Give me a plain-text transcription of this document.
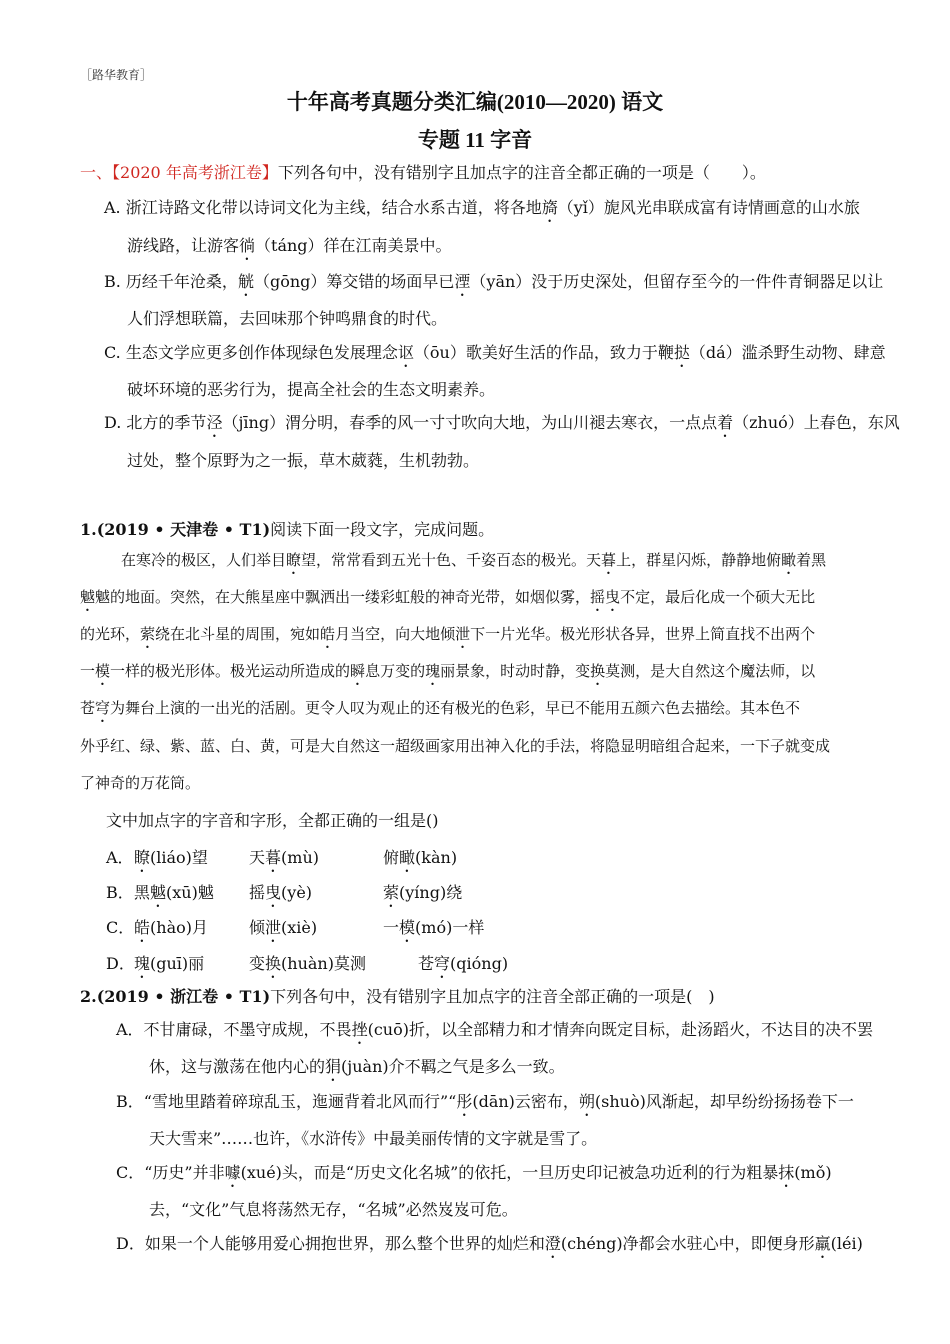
［路华教育］
十年高考真题分类汇编(2010—2020) 语文
专题 11 字音
一、【2020 年高考浙江卷】下列各句中，没有错别字且加点字的注音全都正确的一项是（　　）。
A. 浙江诗路文化带以诗词文化为主线，结合水系古道，将各地旖（yǐ）旎风光串联成富有诗情画意的山水旅
游线路，让游客徜（táng）徉在江南美景中。
B. 历经千年沧桑，觥（gōng）筹交错的场面早已湮（yān）没于历史深处，但留存至今的一件件青铜器足以让
人们浮想联篇，去回味那个钟鸣鼎食的时代。
C. 生态文学应更多创作体现绿色发展理念讴（ōu）歌美好生活的作品，致力于鞭挞（dá）滥杀野生动物、肆意
破坏环境的恶劣行为，提高全社会的生态文明素养。
D. 北方的季节泾（jīng）渭分明，春季的风一寸寸吹向大地，为山川褪去寒衣，一点点着（zhuó）上春色，东风
过处，整个原野为之一振，草木葳蕤，生机勃勃。
1.(2019 • 天津卷 • T1)阅读下面一段文字，完成问题。
　在寒冷的极区，人们举目瞭望，常常看到五光十色、千姿百态的极光。天暮上，群星闪烁，静静地俯瞰着黑
魆魆的地面。突然，在大熊星座中飘洒出一缕彩虹般的神奇光带，如烟似雾，摇曳不定，最后化成一个硕大无比
的光环，萦绕在北斗星的周围，宛如皓月当空，向大地倾泄下一片光华。极光形状各异，世界上简直找不出两个
一模一样的极光形体。极光运动所造成的瞬息万变的瑰丽景象，时动时静，变换莫测，是大自然这个魔法师，以
苍穹为舞台上演的一出光的活剧。更令人叹为观止的还有极光的色彩，早已不能用五颜六色去描绘。其本色不
外乎红、绿、紫、蓝、白、黄，可是大自然这一超级画家用出神入化的手法，将隐显明暗组合起来，一下子就变成
了神奇的万花筒。
文中加点字的字音和字形，全都正确的一组是()
A． 瞭(liáo)望	天暮(mù)	俯瞰(kàn)
B． 黑魆(xū)魆 摇曳(yè)	萦(yíng)绕
C． 皓(hào)月	倾泄(xiè)	一模(mó)一样
D． 瑰(guī)丽	变换(huàn)莫测	苍穹(qióng)
2.(2019 • 浙江卷 • T1)下列各句中，没有错别字且加点字的注音全部正确的一项是(　)
A．不甘庸碌，不墨守成规，不畏挫(cuō)折，以全部精力和才情奔向既定目标，赴汤蹈火，不达目的决不罢
休，这与激荡在他内心的狷(juàn)介不羁之气是多么一致。
B．“雪地里踏着碎琼乱玉，迤逦背着北风而行”“彤(dān)云密布，朔(shuò)风渐起，却早纷纷扬扬卷下一
天大雪来”……也许，《水浒传》中最美丽传情的文字就是雪了。
C．“历史”并非噱(xué)头，而是“历史文化名城”的依托，一旦历史印记被急功近利的行为粗暴抹(mǒ)
去，“文化”气息将荡然无存，“名城”必然岌岌可危。
D．如果一个人能够用爱心拥抱世界，那么整个世界的灿烂和澄(chéng)净都会水驻心中，即便身形羸(léi)
